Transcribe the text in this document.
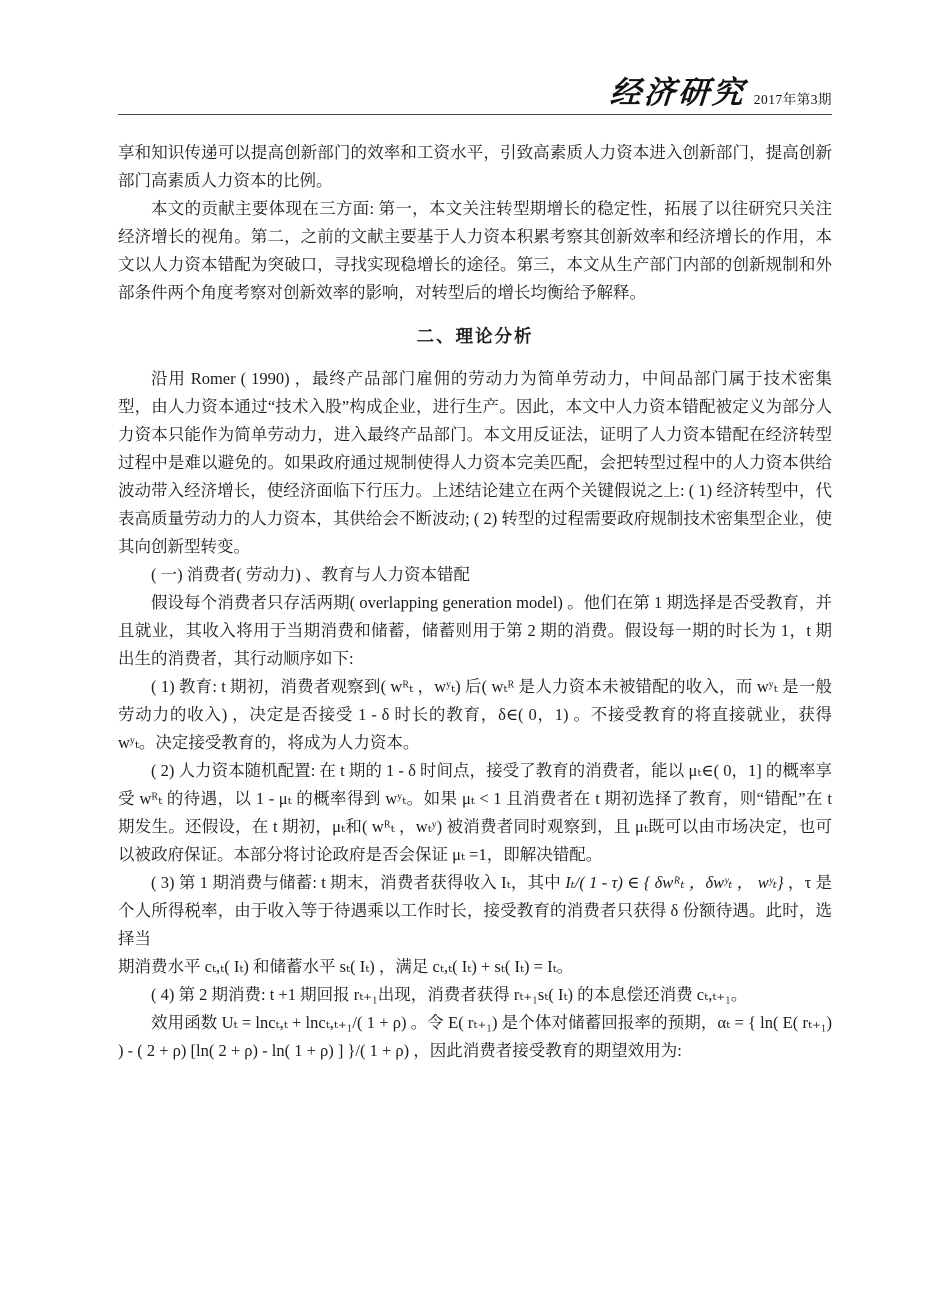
经济研究 2017年第3期

享和知识传递可以提高创新部门的效率和工资水平，引致高素质人力资本进入创新部门，提高创新部门高素质人力资本的比例。

本文的贡献主要体现在三方面: 第一，本文关注转型期增长的稳定性，拓展了以往研究只关注经济增长的视角。第二，之前的文献主要基于人力资本积累考察其创新效率和经济增长的作用，本文以人力资本错配为突破口，寻找实现稳增长的途径。第三，本文从生产部门内部的创新规制和外部条件两个角度考察对创新效率的影响，对转型后的增长均衡给予解释。

二、理论分析

沿用 Romer ( 1990) ，最终产品部门雇佣的劳动力为简单劳动力，中间品部门属于技术密集型，由人力资本通过“技术入股”构成企业，进行生产。因此，本文中人力资本错配被定义为部分人力资本只能作为简单劳动力，进入最终产品部门。本文用反证法，证明了人力资本错配在经济转型过程中是难以避免的。如果政府通过规制使得人力资本完美匹配，会把转型过程中的人力资本供给波动带入经济增长，使经济面临下行压力。上述结论建立在两个关键假说之上: ( 1) 经济转型中，代表高质量劳动力的人力资本，其供给会不断波动; ( 2) 转型的过程需要政府规制技术密集型企业，使其向创新型转变。

( 一) 消费者( 劳动力) 、教育与人力资本错配

假设每个消费者只存活两期( overlapping generation model) 。他们在第 1 期选择是否受教育，并且就业，其收入将用于当期消费和储蓄，储蓄则用于第 2 期的消费。假设每一期的时长为 1，t 期出生的消费者，其行动顺序如下:

( 1) 教育: t 期初，消费者观察到( wᴿₜ ，wʸₜ) 后( wₜᴿ 是人力资本未被错配的收入，而 wʸₜ 是一般劳动力的收入) ，决定是否接受 1 - δ 时长的教育，δ∈( 0，1) 。不接受教育的将直接就业，获得 wʸₜ。决定接受教育的，将成为人力资本。

( 2) 人力资本随机配置: 在 t 期的 1 - δ 时间点，接受了教育的消费者，能以 μₜ∈( 0，1] 的概率享受 wᴿₜ 的待遇，以 1 - μₜ 的概率得到 wʸₜ。如果 μₜ < 1 且消费者在 t 期初选择了教育，则“错配”在 t 期发生。还假设，在 t 期初，μₜ和( wᴿₜ ，wₜʸ) 被消费者同时观察到，且 μₜ既可以由市场决定，也可以被政府保证。本部分将讨论政府是否会保证 μₜ =1，即解决错配。

( 3) 第 1 期消费与储蓄: t 期末，消费者获得收入 Iₜ，其中 Iₜ/( 1 - τ) ∈ { δwᴿₜ ，δwʸₜ ， wʸₜ} ，τ 是个人所得税率，由于收入等于待遇乘以工作时长，接受教育的消费者只获得 δ 份额待遇。此时，选择当

期消费水平 cₜ,ₜ( Iₜ) 和储蓄水平 sₜ( Iₜ) ，满足 cₜ,ₜ( Iₜ) + sₜ( Iₜ) = Iₜ。

( 4) 第 2 期消费: t +1 期回报 rₜ₊₁出现，消费者获得 rₜ₊₁sₜ( Iₜ) 的本息偿还消费 cₜ,ₜ₊₁。

效用函数 Uₜ = lncₜ,ₜ + lncₜ,ₜ₊₁/( 1 + ρ) 。令 E( rₜ₊₁) 是个体对储蓄回报率的预期，αₜ = { ln( E( rₜ₊₁) ) - ( 2 + ρ) [ln( 2 + ρ) - ln( 1 + ρ) ] }/( 1 + ρ) ，因此消费者接受教育的期望效用为:
